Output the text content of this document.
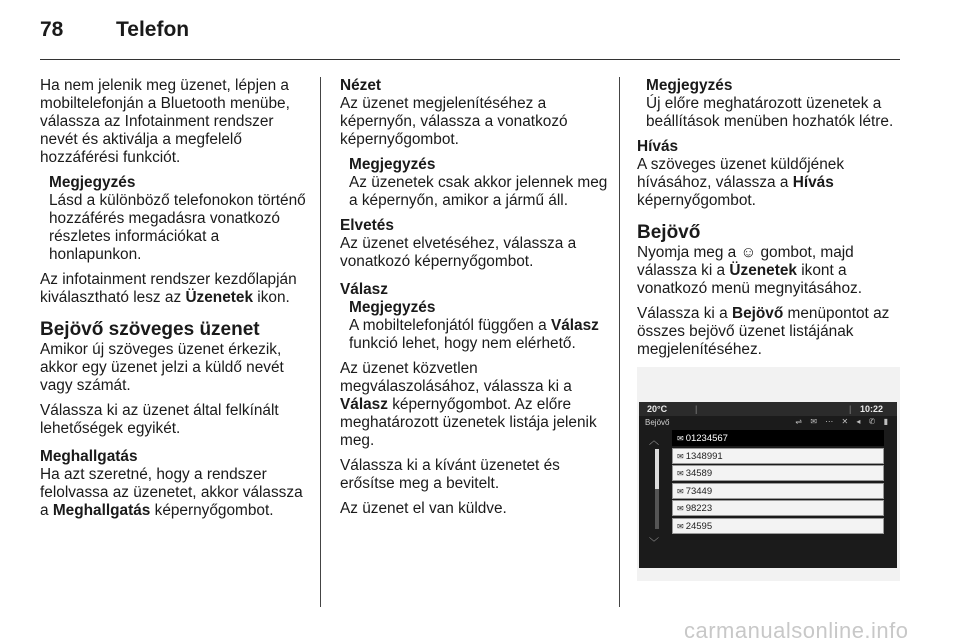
78	Telefon

Ha nem jelenik meg üzenet, lépjen a mobiltelefonján a Bluetooth menübe, válassza az Infotainment rendszer nevét és aktiválja a megfelelő hozzáférési funkciót.

Megjegyzés
Lásd a különböző telefonokon történő hozzáférés megadásra vonatkozó részletes információkat a honlapunkon.

Az infotainment rendszer kezdőlapján kiválasztható lesz az Üzenetek ikon.

Bejövő szöveges üzenet

Amikor új szöveges üzenet érkezik, akkor egy üzenet jelzi a küldő nevét vagy számát.

Válassza ki az üzenet által felkínált lehetőségek egyikét.

Meghallgatás

Ha azt szeretné, hogy a rendszer felolvassa az üzenetet, akkor válassza a Meghallgatás képernyőgombot.

Nézet

Az üzenet megjelenítéséhez a képernyőn, válassza a vonatkozó képernyőgombot.

Megjegyzés
Az üzenetek csak akkor jelennek meg a képernyőn, amikor a jármű áll.
Elvetés

Az üzenet elvetéséhez, válassza a vonatkozó képernyőgombot.

Válasz
Megjegyzés
A mobiltelefonjától függően a Válasz funkció lehet, hogy nem elérhető.

Az üzenet közvetlen megválaszolásához, válassza ki a Válasz képernyőgombot. Az előre meghatározott üzenetek listája jelenik meg.

Válassza ki a kívánt üzenetet és erősítse meg a bevitelt.

Az üzenet el van küldve.

Megjegyzés
Új előre meghatározott üzenetek a beállítások menüben hozhatók létre.
Hívás

A szöveges üzenet küldőjének hívásához, válassza a Hívás képernyőgombot.

Bejövő

Nyomja meg a ☺ gombot, majd válassza ki a Üzenetek ikont a vonatkozó menü megnyitásához.

Válassza ki a Bejövő menüpontot az összes bejövő üzenet listájának megjelenítéséhez.

20°C	|	| 10:22
Bejövő	⇌ ✉ ⋯ ✕ ◂ ✆ ▮
︿
﹀
✉ 01234567
✉ 1348991
✉ 34589
✉ 73449
✉ 98223
✉ 24595
carmanualsonline.info
